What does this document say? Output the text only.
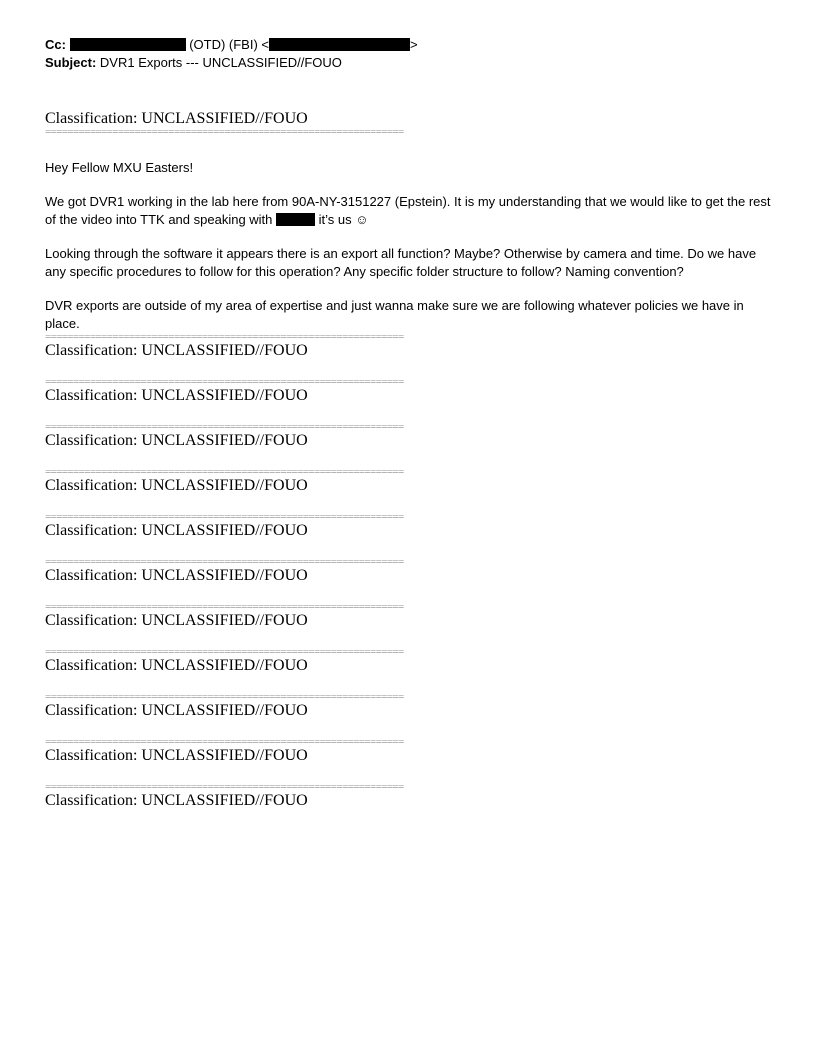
Cc:	(OTD) (FBI) <	>
Subject: DVR1 Exports --- UNCLASSIFIED//FOUO

Classification: UNCLASSIFIED//FOUO

================================================================

Hey Fellow MXU Easters!

We got DVR1 working in the lab here from 90A-NY-3151227 (Epstein). It is my understanding that we would like to get the rest of the video into TTK and speaking with	it’s us ☺

Looking through the software it appears there is an export all function? Maybe? Otherwise by camera and time. Do we have any specific procedures to follow for this operation? Any specific folder structure to follow? Naming convention?

DVR exports are outside of my area of expertise and just wanna make sure we are following whatever policies we have in place.

================================================================

Classification: UNCLASSIFIED//FOUO

================================================================

Classification: UNCLASSIFIED//FOUO

================================================================

Classification: UNCLASSIFIED//FOUO

================================================================

Classification: UNCLASSIFIED//FOUO

================================================================

Classification: UNCLASSIFIED//FOUO

================================================================

Classification: UNCLASSIFIED//FOUO

================================================================

Classification: UNCLASSIFIED//FOUO

================================================================

Classification: UNCLASSIFIED//FOUO

================================================================

Classification: UNCLASSIFIED//FOUO

================================================================

Classification: UNCLASSIFIED//FOUO

================================================================

Classification: UNCLASSIFIED//FOUO
